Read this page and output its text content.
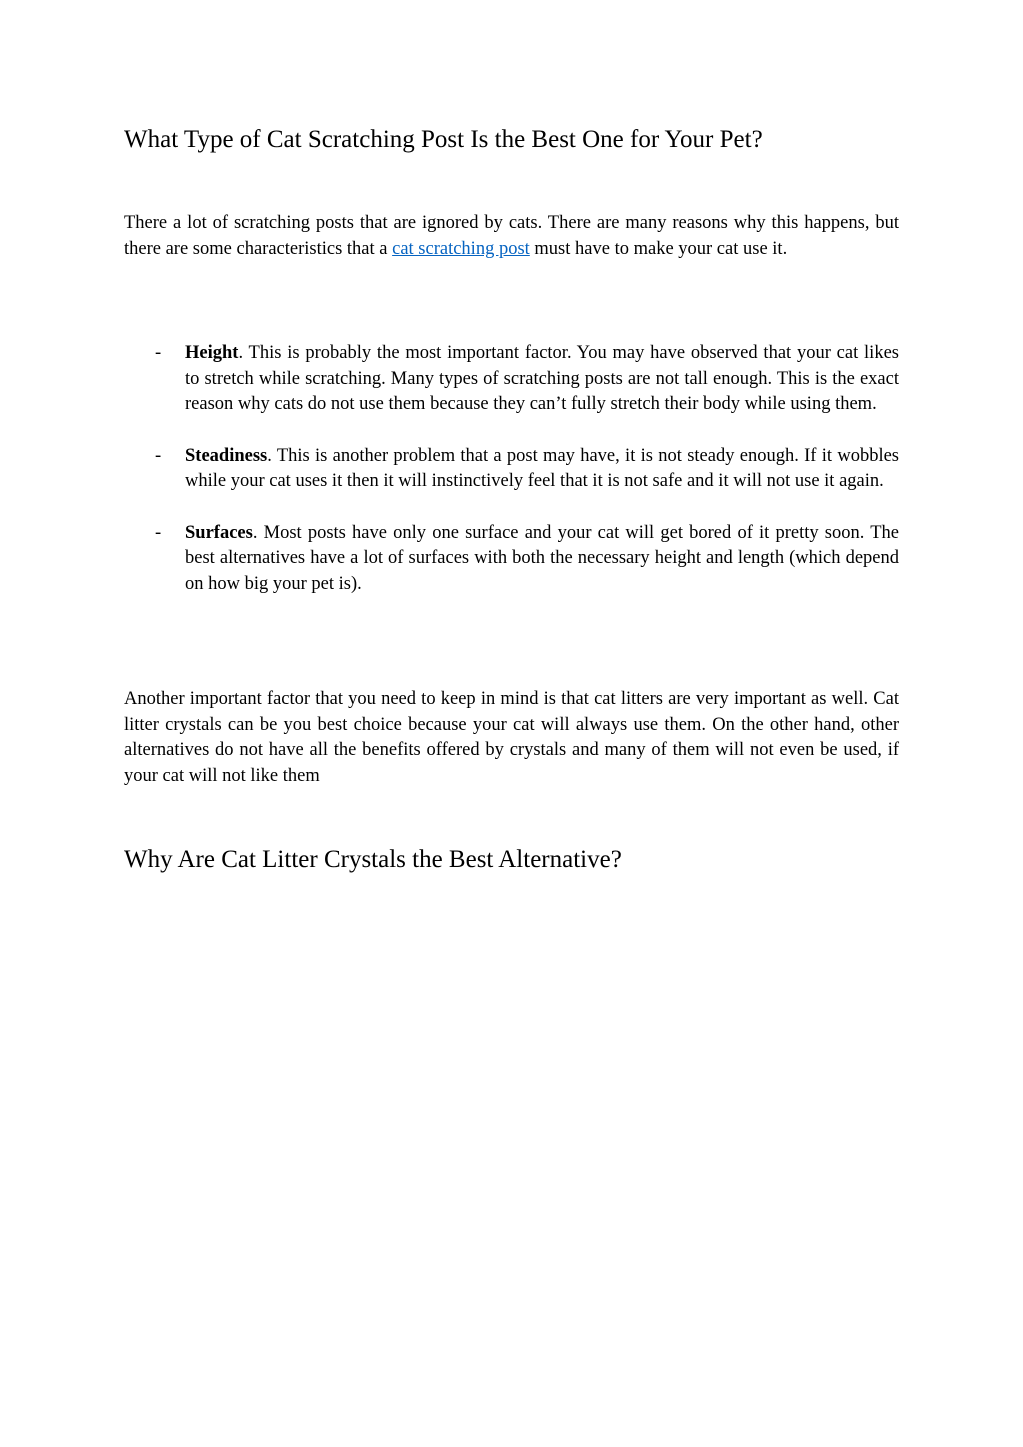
What Type of Cat Scratching Post Is the Best One for Your Pet?

There a lot of scratching posts that are ignored by cats. There are many reasons why this happens, but there are some characteristics that a cat scratching post must have to make your cat use it.

- Height. This is probably the most important factor. You may have observed that your cat likes to stretch while scratching. Many types of scratching posts are not tall enough. This is the exact reason why cats do not use them because they can’t fully stretch their body while using them.
- Steadiness. This is another problem that a post may have, it is not steady enough. If it wobbles while your cat uses it then it will instinctively feel that it is not safe and it will not use it again.
- Surfaces. Most posts have only one surface and your cat will get bored of it pretty soon. The best alternatives have a lot of surfaces with both the necessary height and length (which depend on how big your pet is).

Another important factor that you need to keep in mind is that cat litters are very important as well. Cat litter crystals can be you best choice because your cat will always use them. On the other hand, other alternatives do not have all the benefits offered by crystals and many of them will not even be used, if your cat will not like them

Why Are Cat Litter Crystals the Best Alternative?
